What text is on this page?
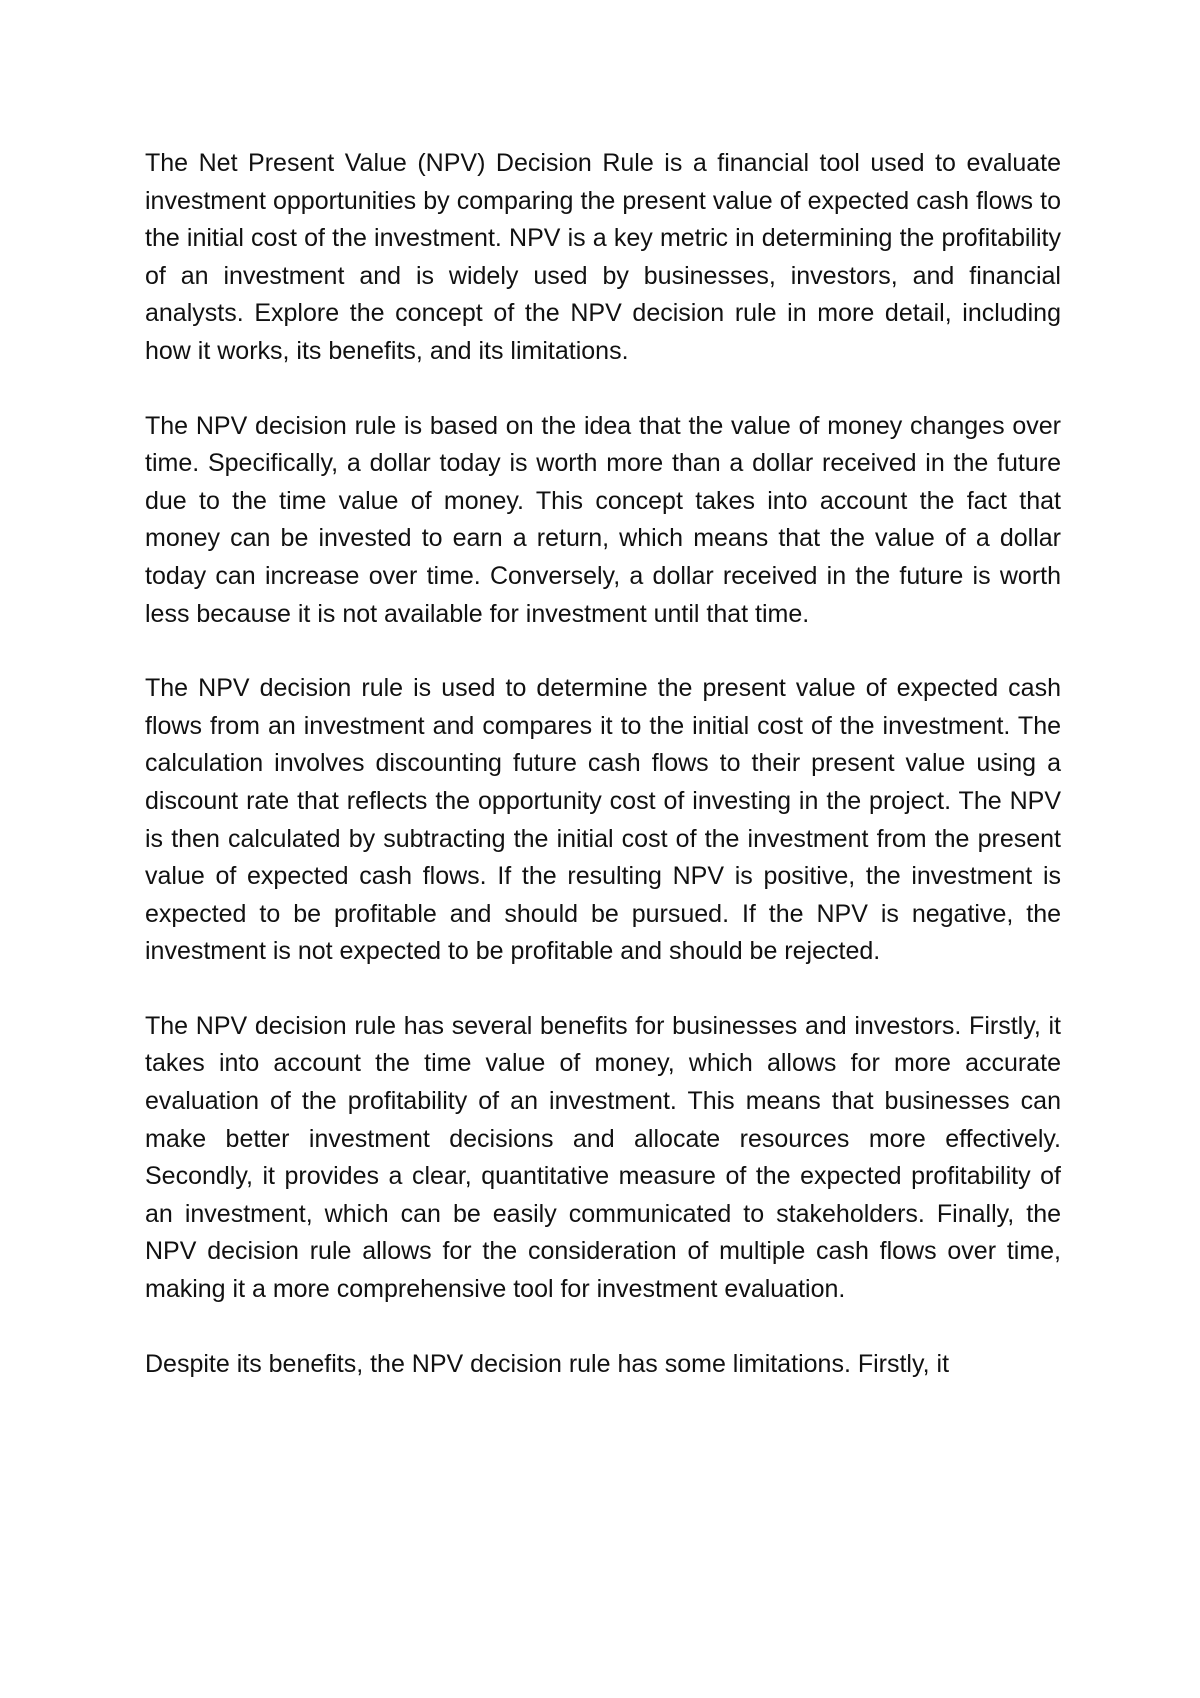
The Net Present Value (NPV) Decision Rule is a financial tool used to evaluate investment opportunities by comparing the present value of expected cash flows to the initial cost of the investment. NPV is a key metric in determining the profitability of an investment and is widely used by businesses, investors, and financial analysts. Explore the concept of the NPV decision rule in more detail, including how it works, its benefits, and its limitations.

The NPV decision rule is based on the idea that the value of money changes over time. Specifically, a dollar today is worth more than a dollar received in the future due to the time value of money. This concept takes into account the fact that money can be invested to earn a return, which means that the value of a dollar today can increase over time. Conversely, a dollar received in the future is worth less because it is not available for investment until that time.

The NPV decision rule is used to determine the present value of expected cash flows from an investment and compares it to the initial cost of the investment. The calculation involves discounting future cash flows to their present value using a discount rate that reflects the opportunity cost of investing in the project. The NPV is then calculated by subtracting the initial cost of the investment from the present value of expected cash flows. If the resulting NPV is positive, the investment is expected to be profitable and should be pursued. If the NPV is negative, the investment is not expected to be profitable and should be rejected.

The NPV decision rule has several benefits for businesses and investors. Firstly, it takes into account the time value of money, which allows for more accurate evaluation of the profitability of an investment. This means that businesses can make better investment decisions and allocate resources more effectively. Secondly, it provides a clear, quantitative measure of the expected profitability of an investment, which can be easily communicated to stakeholders. Finally, the NPV decision rule allows for the consideration of multiple cash flows over time, making it a more comprehensive tool for investment evaluation.

Despite its benefits, the NPV decision rule has some limitations. Firstly, it
